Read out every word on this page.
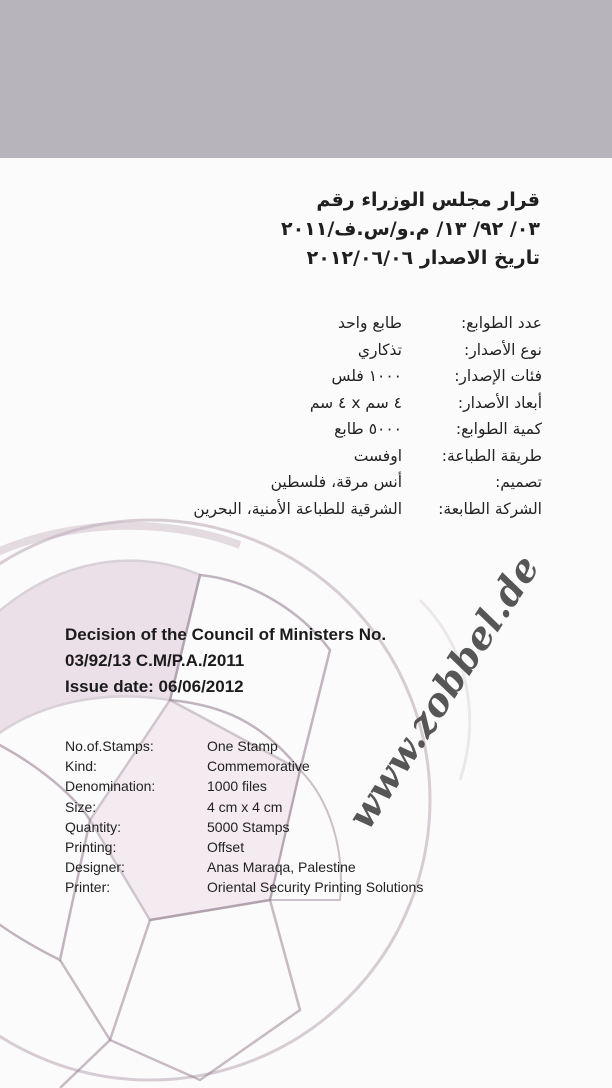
قرار مجلس الوزراء رقم
٠٣/ ٩٢/ ١٣/ م.و/س.ف/٢٠١١
تاريخ الاصدار ٢٠١٢/٠٦/٠٦
عدد الطوابع:
طابع واحد
نوع الأصدار:
تذكاري
فئات الإصدار:
١٠٠٠ فلس
أبعاد الأصدار:
٤ سم x ٤ سم
كمية الطوابع:
٥٠٠٠ طابع
طريقة الطباعة:
اوفست
تصميم:
أنس مرقة، فلسطين
الشركة الطابعة:
الشرقية للطباعة الأمنية، البحرين
Decision of the Council of Ministers No.
03/92/13 C.M/P.A./2011
Issue date: 06/06/2012
No.of.Stamps:	One Stamp
Kind:	Commemorative
Denomination:	1000 files
Size:	4 cm x 4 cm
Quantity:	5000 Stamps
Printing:	Offset
Designer:	Anas Maraqa, Palestine
Printer:	Oriental Security Printing Solutions
www.zobbel.de
